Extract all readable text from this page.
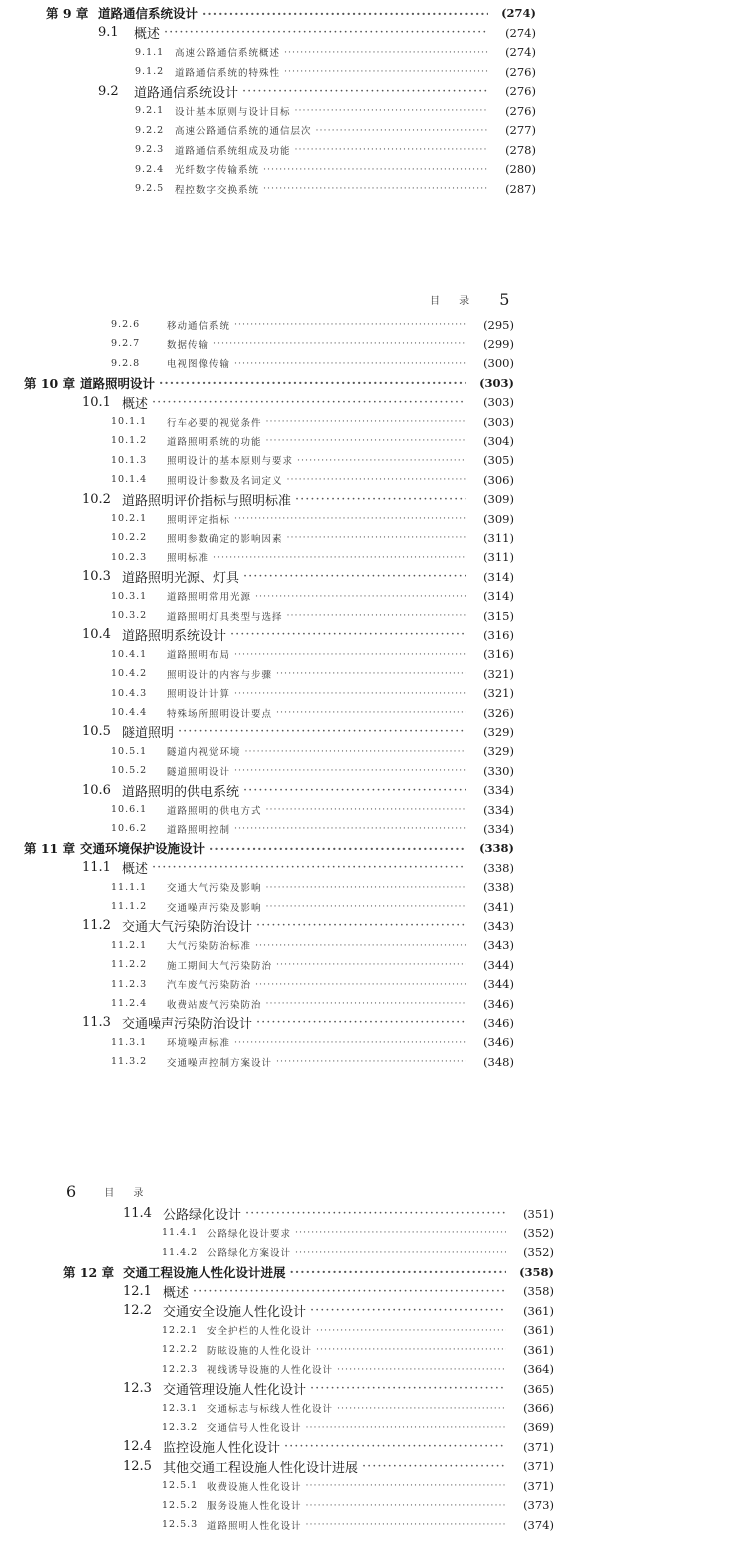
第 9 章 道路通信系统设计 ·····	(274)
9.1	概述 ·····	(274)
9.1.1	高速公路通信系统概述 ·····	(274)
9.1.2	道路通信系统的特殊性 ·····	(276)
9.2	道路通信系统设计 ·····	(276)
9.2.1	设计基本原则与设计目标 ·····	(276)
9.2.2	高速公路通信系统的通信层次 ·····	(277)
9.2.3	道路通信系统组成及功能 ·····	(278)
9.2.4	光纤数字传输系统 ·····	(280)
9.2.5	程控数字交换系统 ·····	(287)
目 录 5
9.2.6	移动通信系统 ·····	(295)
9.2.7	数据传输 ·····	(299)
9.2.8	电视图像传输 ·····	(300)
第 10 章 道路照明设计 ·····	(303)
10.1 概述 ·····	(303)
10.1.1	行车必要的视觉条件 ·····	(303)
10.1.2	道路照明系统的功能 ·····	(304)
10.1.3	照明设计的基本原则与要求 ·····	(305)
10.1.4	照明设计参数及名词定义 ·····	(306)
10.2 道路照明评价指标与照明标准 ·····	(309)
10.2.1	照明评定指标 ·····	(309)
10.2.2	照明参数确定的影响因素 ·····	(311)
10.2.3	照明标准 ·····	(311)
10.3 道路照明光源、灯具 ·····	(314)
10.3.1	道路照明常用光源 ·····	(314)
10.3.2	道路照明灯具类型与选择 ·····	(315)
10.4 道路照明系统设计 ·····	(316)
10.4.1	道路照明布局 ·····	(316)
10.4.2	照明设计的内容与步骤 ·····	(321)
10.4.3	照明设计计算 ·····	(321)
10.4.4	特殊场所照明设计要点 ·····	(326)
10.5 隧道照明 ·····	(329)
10.5.1	隧道内视觉环境 ·····	(329)
10.5.2	隧道照明设计 ·····	(330)
10.6 道路照明的供电系统 ·····	(334)
10.6.1	道路照明的供电方式 ·····	(334)
10.6.2	道路照明控制 ·····	(334)
第 11 章 交通环境保护设施设计 ·····	(338)
11.1 概述 ·····	(338)
11.1.1	交通大气污染及影响 ·····	(338)
11.1.2	交通噪声污染及影响 ·····	(341)
11.2 交通大气污染防治设计 ·····	(343)
11.2.1	大气污染防治标准 ·····	(343)
11.2.2	施工期间大气污染防治 ·····	(344)
11.2.3	汽车废气污染防治 ·····	(344)
11.2.4	收费站废气污染防治 ·····	(346)
11.3 交通噪声污染防治设计 ·····	(346)
11.3.1	环境噪声标准 ·····	(346)
11.3.2	交通噪声控制方案设计 ·····	(348)
6	目 录
11.4 公路绿化设计 ·····	(351)
11.4.1 公路绿化设计要求 ·····	(352)
11.4.2 公路绿化方案设计 ·····	(352)
第 12 章 交通工程设施人性化设计进展 ·····	(358)
12.1 概述 ·····	(358)
12.2 交通安全设施人性化设计 ·····	(361)
12.2.1 安全护栏的人性化设计 ·····	(361)
12.2.2 防眩设施的人性化设计 ·····	(361)
12.2.3 视线诱导设施的人性化设计 ·····	(364)
12.3 交通管理设施人性化设计 ·····	(365)
12.3.1 交通标志与标线人性化设计 ·····	(366)
12.3.2 交通信号人性化设计 ·····	(369)
12.4 监控设施人性化设计 ·····	(371)
12.5 其他交通工程设施人性化设计进展 ·····	(371)
12.5.1 收费设施人性化设计 ·····	(371)
12.5.2 服务设施人性化设计 ·····	(373)
12.5.3 道路照明人性化设计 ·····	(374)
